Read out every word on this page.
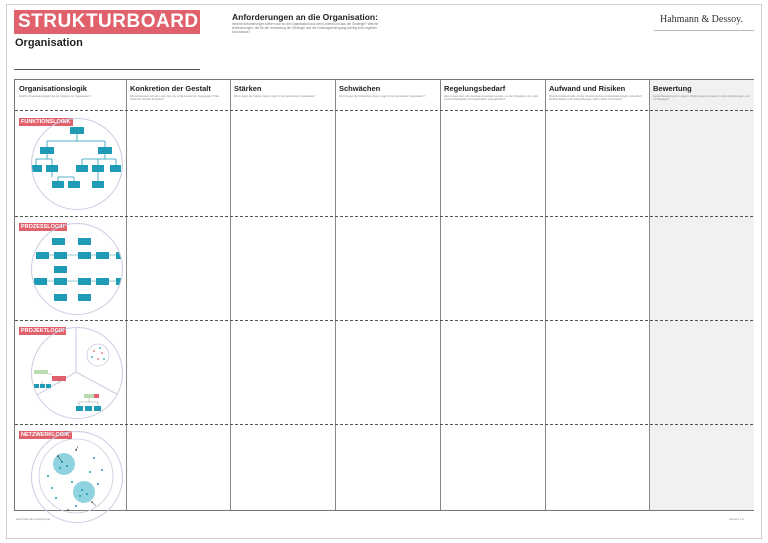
STRUKTURBOARD
Organisation
Anforderungen an die Organisation:
Welche Anforderungen stellen sich an die Organisation aus dem Umfeld und aus der Strategie? Welche Anforderungen, die für die Umsetzung der Strategie und die Leistungserbringung wichtig sind, ergeben sich daraus?
Hahmann & Dessoy.
Organisationslogik
Welche Organisationslogik folgt der Struktur der Organisation?
Konkretion der Gestalt
Wie konkretisiert sich die Logik bzw. wie ist die Gestalt der Organisation? Wie würde die Struktur aussehen?
Stärken
Worin liegen die Stärken dieser Logik für die betrachtete Organisation?
Schwächen
Worin liegen die Schwächen dieser Logik für die betrachtete Organisation?
Regelungsbedarf
Was müsste dann als grundlegend geregelt werden, um die Schwächen der Logik bei der Arbeitsweise der Organisation auszugleichen?
Aufwand und Risiken
Welcher Aufwand wäre mit der Umsetzung dieser Organisationslogik verbunden? Welche Risiken und Nebenwirkungen wären dabei zu erwarten?
Bewertung
Gesamtbewertung der Logiken: Welche passt am besten zu den Anforderungen und zur Strategie?
FUNKTIONSLOGIK
PROZESSLOGIK
PROJEKTLOGIK
NETZWERKLOGIK
www.hahmann-dessoy.de	Version 1.0
